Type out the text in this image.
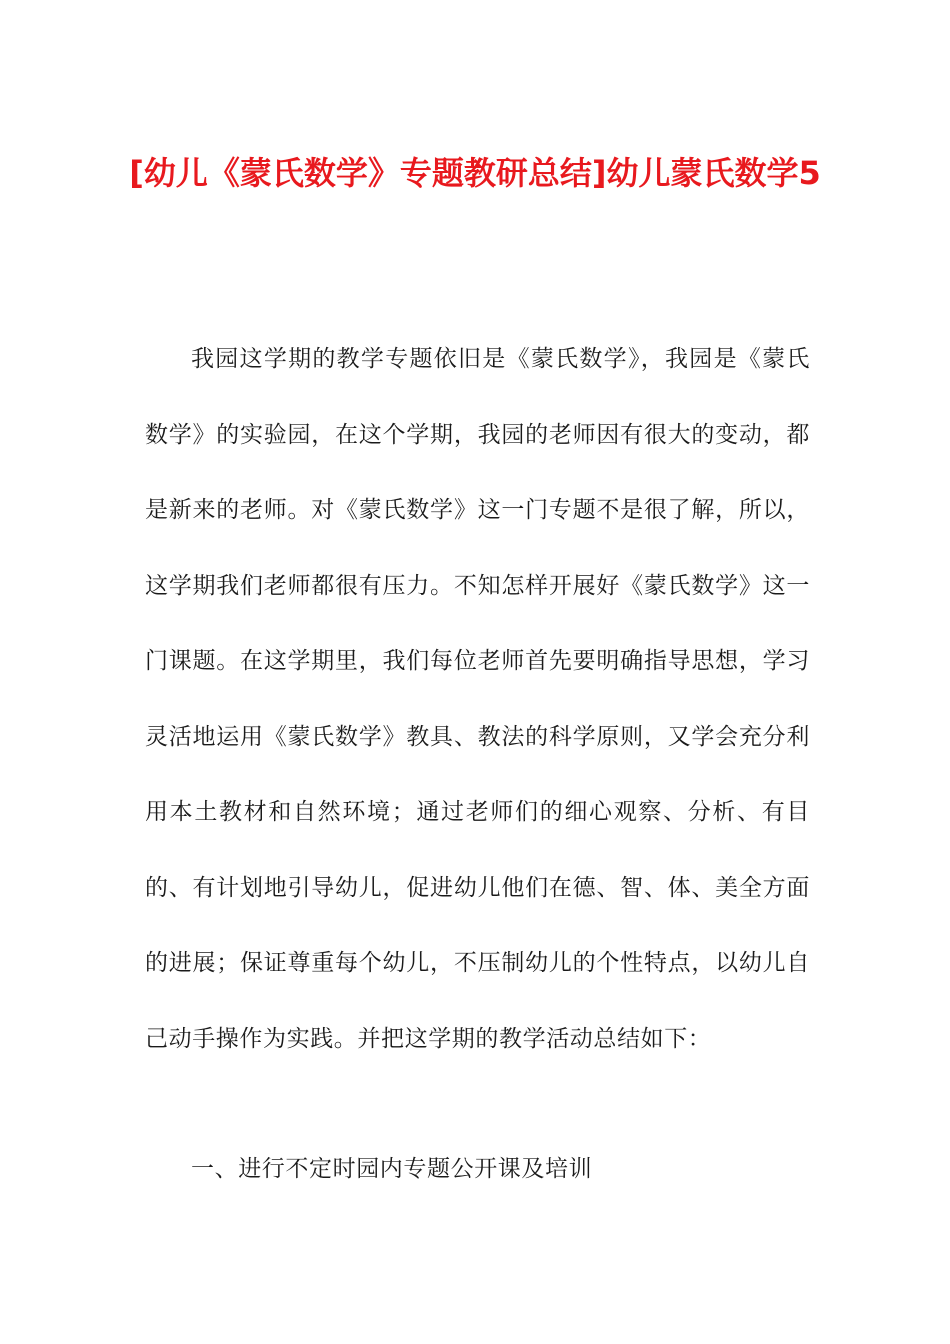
[幼儿《蒙氏数学》专题教研总结]幼儿蒙氏数学5

我园这学期的教学专题依旧是《蒙氏数学》，我园是《蒙氏数学》的实验园，在这个学期，我园的老师因有很大的变动，都是新来的老师。对《蒙氏数学》这一门专题不是很了解，所以，这学期我们老师都很有压力。不知怎样开展好《蒙氏数学》这一门课题。在这学期里，我们每位老师首先要明确指导思想，学习灵活地运用《蒙氏数学》教具、教法的科学原则，又学会充分利用本土教材和自然环境；通过老师们的细心观察、分析、有目的、有计划地引导幼儿，促进幼儿他们在德、智、体、美全方面的进展；保证尊重每个幼儿，不压制幼儿的个性特点，以幼儿自己动手操作为实践。并把这学期的教学活动总结如下：

一、进行不定时园内专题公开课及培训
